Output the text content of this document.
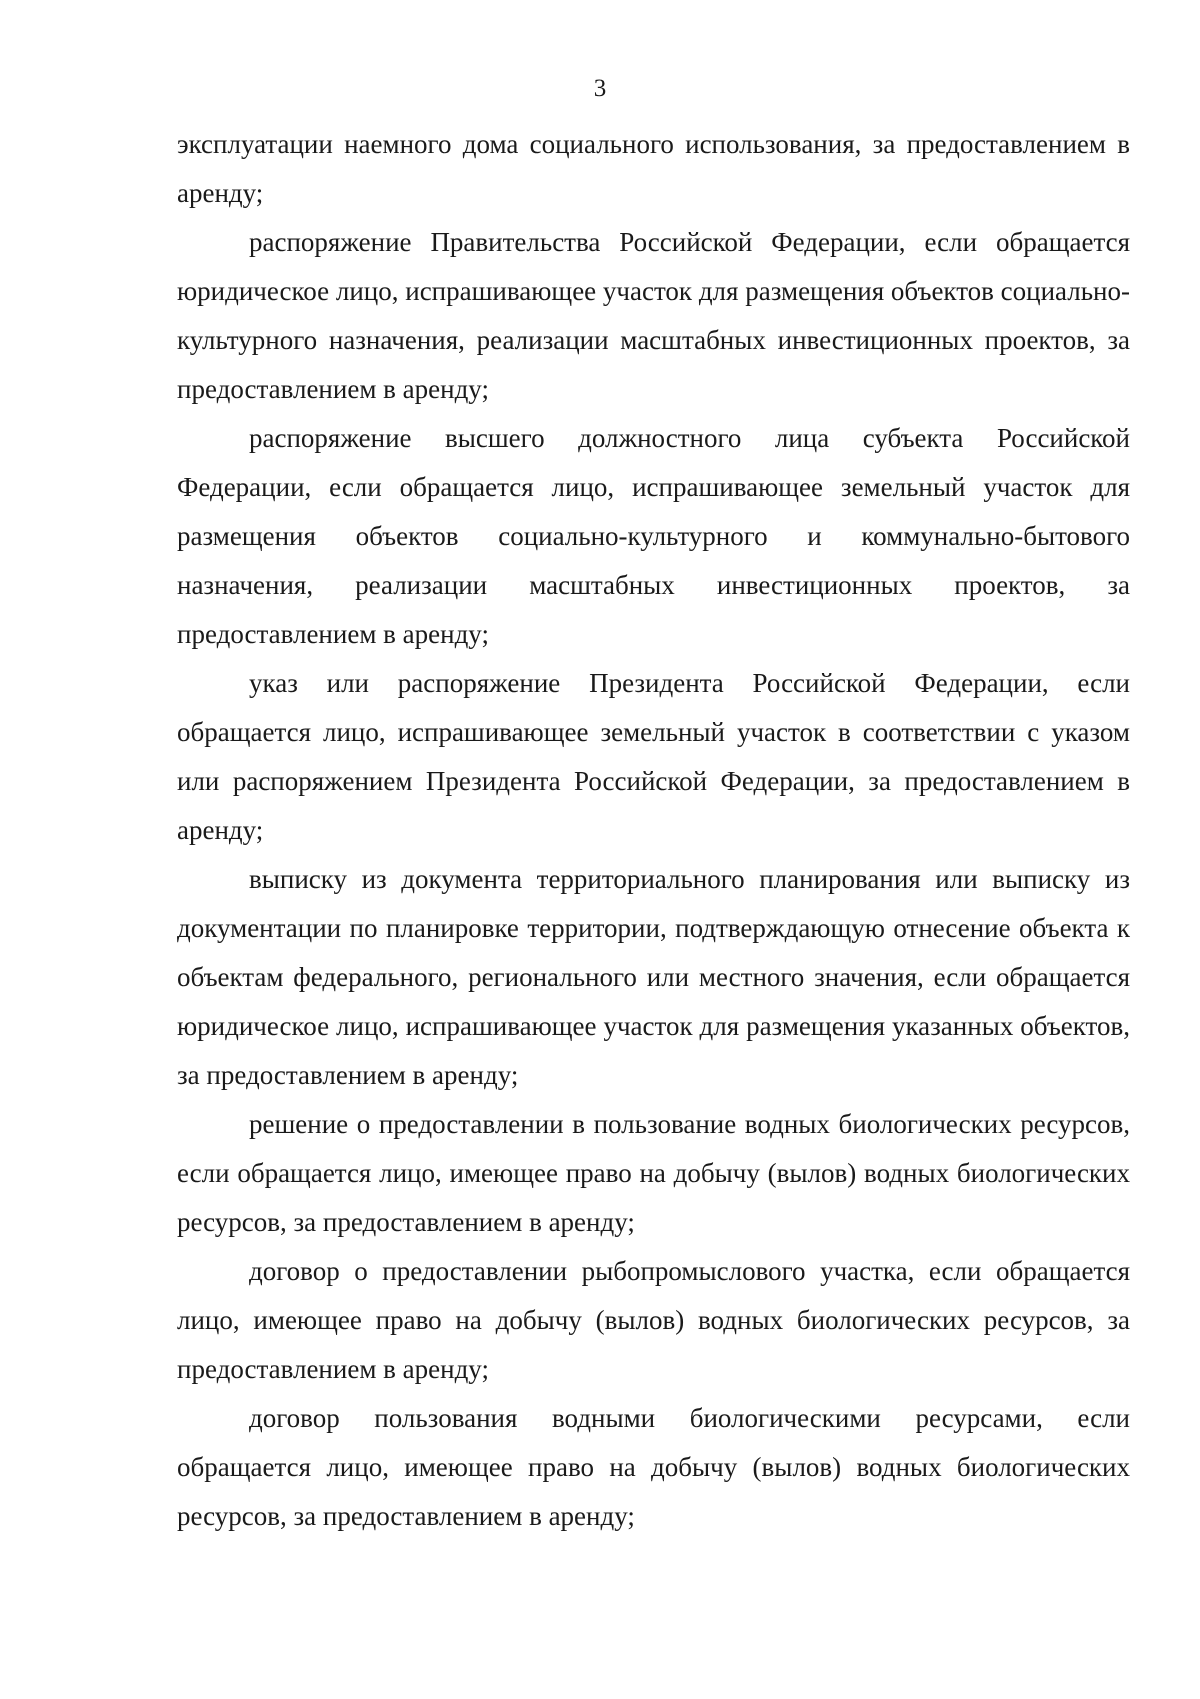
3

эксплуатации наемного дома социального использования, за предоставлением в аренду;

распоряжение Правительства Российской Федерации, если обращается юридическое лицо, испрашивающее участок для размещения объектов социально-культурного назначения, реализации масштабных инвестиционных проектов, за предоставлением в аренду;

распоряжение высшего должностного лица субъекта Российской Федерации, если обращается лицо, испрашивающее земельный участок для размещения объектов социально-культурного и коммунально-бытового назначения, реализации масштабных инвестиционных проектов, за предоставлением в аренду;

указ или распоряжение Президента Российской Федерации, если обращается лицо, испрашивающее земельный участок в соответствии с указом или распоряжением Президента Российской Федерации, за предоставлением в аренду;

выписку из документа территориального планирования или выписку из документации по планировке территории, подтверждающую отнесение объекта к объектам федерального, регионального или местного значения, если обращается юридическое лицо, испрашивающее участок для размещения указанных объектов, за предоставлением в аренду;

решение о предоставлении в пользование водных биологических ресурсов, если обращается лицо, имеющее право на добычу (вылов) водных биологических ресурсов, за предоставлением в аренду;

договор о предоставлении рыбопромыслового участка, если обращается лицо, имеющее право на добычу (вылов) водных биологических ресурсов, за предоставлением в аренду;

договор пользования водными биологическими ресурсами, если обращается лицо, имеющее право на добычу (вылов) водных биологических ресурсов, за предоставлением в аренду;
